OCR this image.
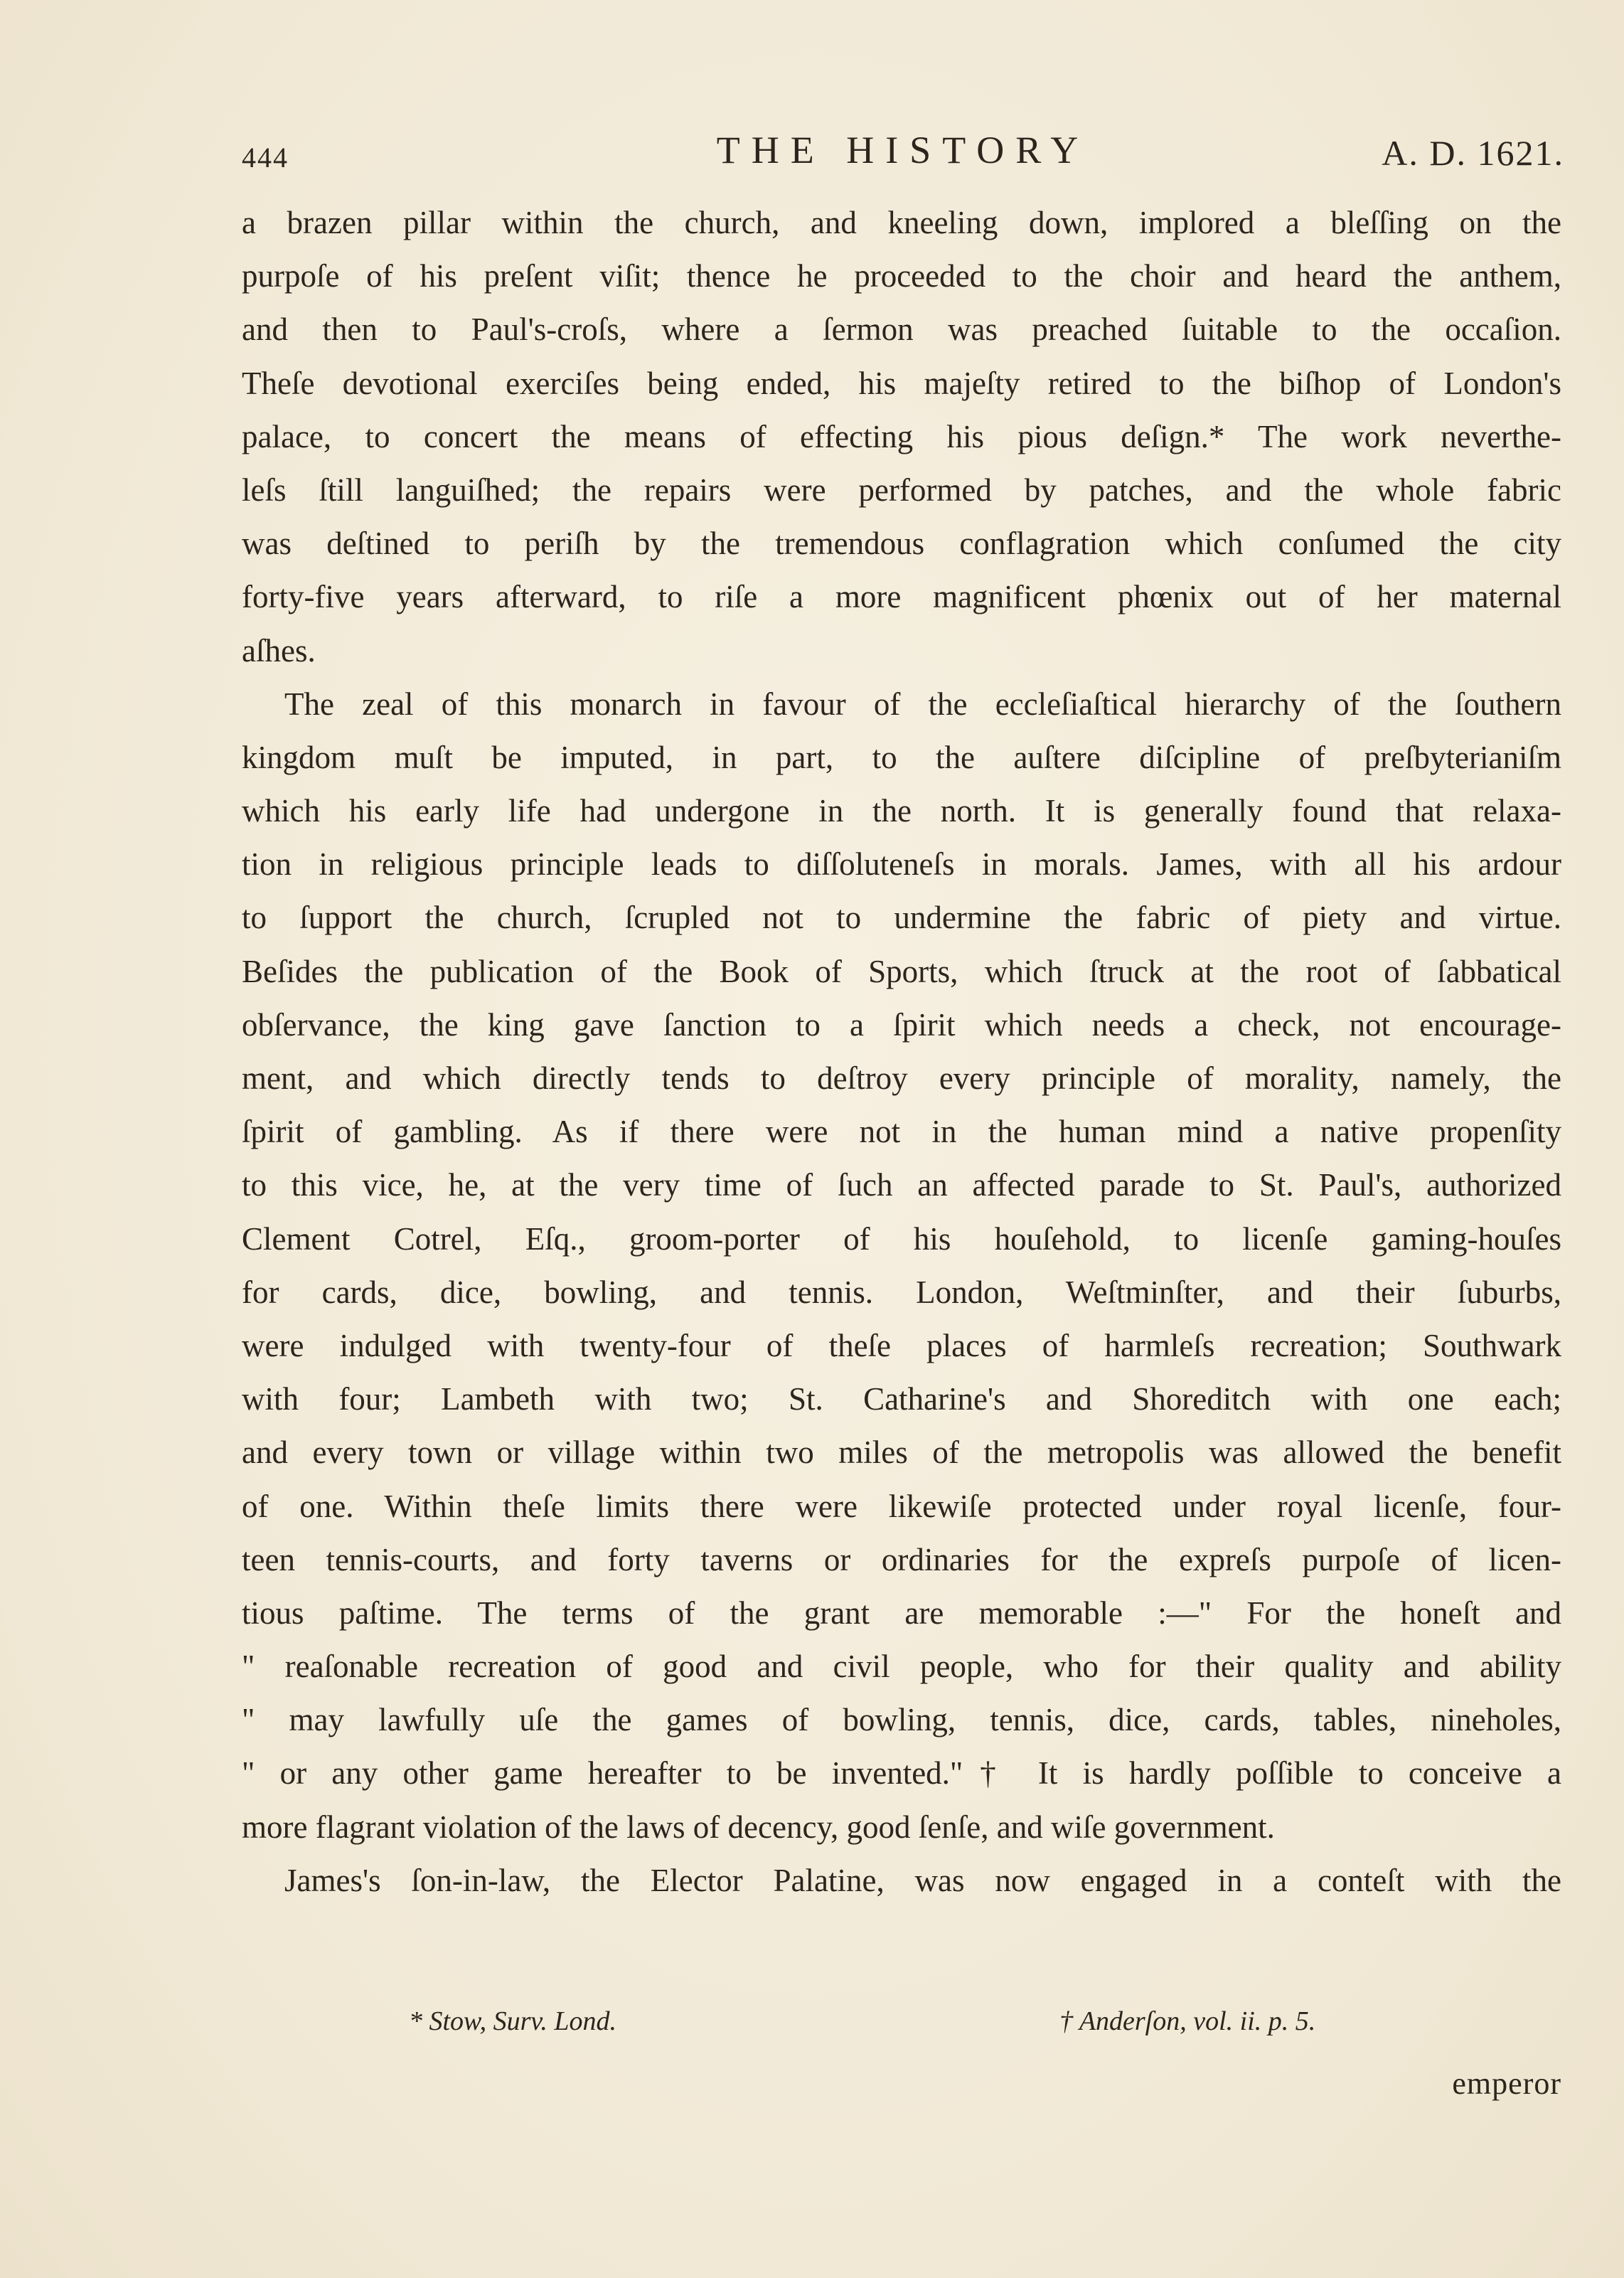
444	THE HISTORY	A. D. 1621.
a brazen pillar within the church, and kneeling down, implored a bleſſing on the
purpoſe of his preſent viſit; thence he proceeded to the choir and heard the anthem,
and then to Paul's-croſs, where a ſermon was preached ſuitable to the occaſion.
Theſe devotional exerciſes being ended, his majeſty retired to the biſhop of London's
palace, to concert the means of effecting his pious deſign.* The work neverthe-
leſs ſtill languiſhed; the repairs were performed by patches, and the whole fabric
was deſtined to periſh by the tremendous conflagration which conſumed the city
forty-five years afterward, to riſe a more magnificent phœnix out of her maternal
aſhes.
The zeal of this monarch in favour of the eccleſiaſtical hierarchy of the ſouthern
kingdom muſt be imputed, in part, to the auſtere diſcipline of preſbyterianiſm
which his early life had undergone in the north. It is generally found that relaxa-
tion in religious principle leads to diſſoluteneſs in morals. James, with all his ardour
to ſupport the church, ſcrupled not to undermine the fabric of piety and virtue.
Beſides the publication of the Book of Sports, which ſtruck at the root of ſabbatical
obſervance, the king gave ſanction to a ſpirit which needs a check, not encourage-
ment, and which directly tends to deſtroy every principle of morality, namely, the
ſpirit of gambling. As if there were not in the human mind a native propenſity
to this vice, he, at the very time of ſuch an affected parade to St. Paul's, authorized
Clement Cotrel, Eſq., groom-porter of his houſehold, to licenſe gaming-houſes
for cards, dice, bowling, and tennis. London, Weſtminſter, and their ſuburbs,
were indulged with twenty-four of theſe places of harmleſs recreation; Southwark
with four; Lambeth with two; St. Catharine's and Shoreditch with one each;
and every town or village within two miles of the metropolis was allowed the benefit
of one. Within theſe limits there were likewiſe protected under royal licenſe, four-
teen tennis-courts, and forty taverns or ordinaries for the expreſs purpoſe of licen-
tious paſtime. The terms of the grant are memorable :—" For the honeſt and
" reaſonable recreation of good and civil people, who for their quality and ability
" may lawfully uſe the games of bowling, tennis, dice, cards, tables, nineholes,
" or any other game hereafter to be invented."† It is hardly poſſible to conceive a
more flagrant violation of the laws of decency, good ſenſe, and wiſe government.
James's ſon-in-law, the Elector Palatine, was now engaged in a conteſt with the
* Stow, Surv. Lond.	† Anderſon, vol. ii. p. 5.
emperor
